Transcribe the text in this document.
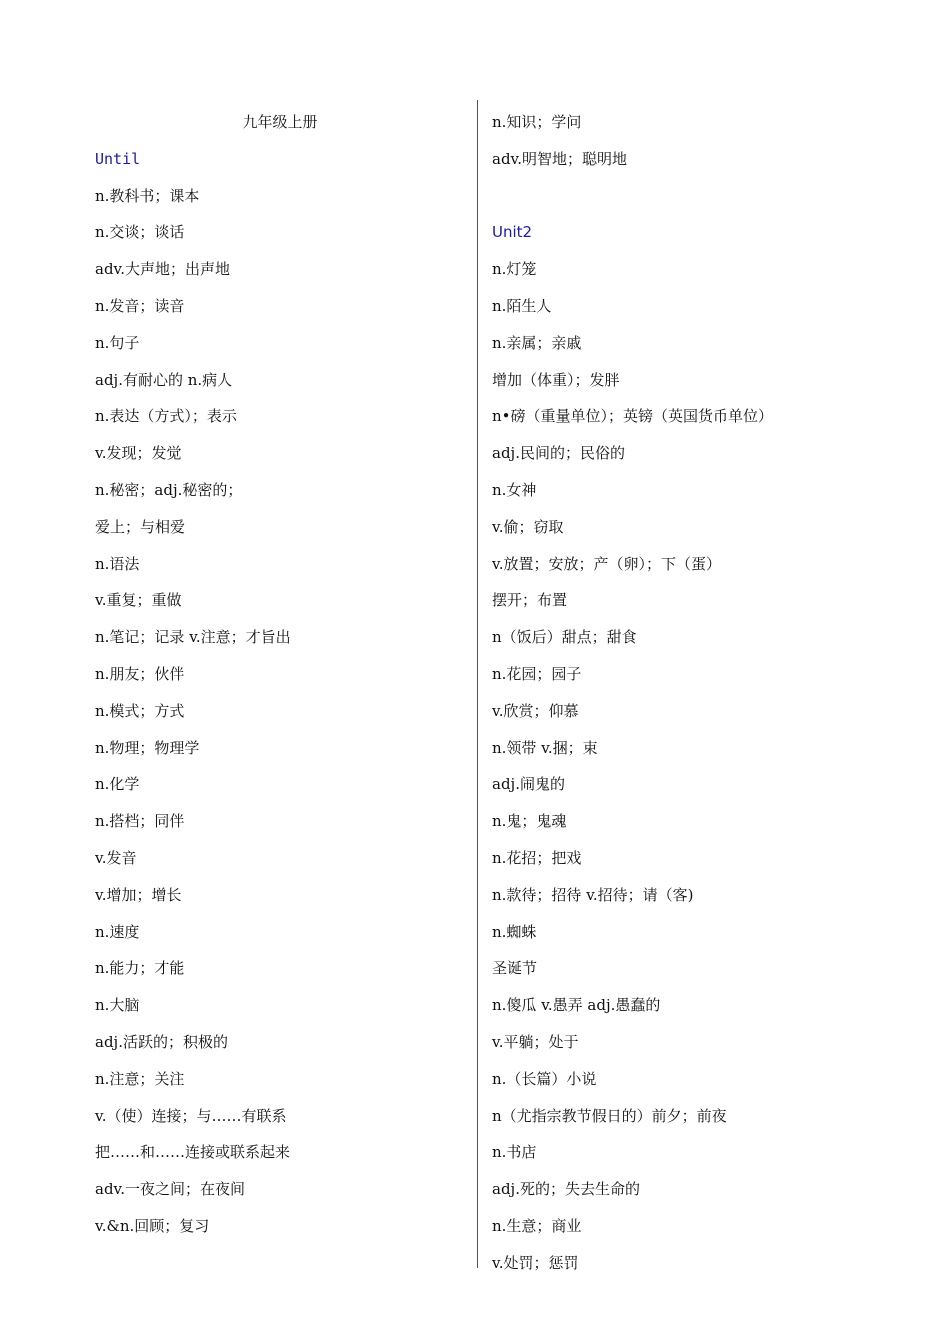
九年级上册
Until
n.教科书；课本
n.交谈；谈话
adv.大声地；出声地
n.发音；读音
n.句子
adj.有耐心的 n.病人
n.表达（方式）；表示
v.发现；发觉
n.秘密；adj.秘密的；
爱上；与相爱
n.语法
v.重复；重做
n.笔记；记录 v.注意；才旨出
n.朋友；伙伴
n.模式；方式
n.物理；物理学
n.化学
n.搭档；同伴
v.发音
v.增加；增长
n.速度
n.能力；才能
n.大脑
adj.活跃的；积极的
n.注意；关注
v.（使）连接；与……有联系
把……和……连接或联系起来
adv.一夜之间；在夜间
v.&n.回顾；复习
n.知识；学问
adv.明智地；聪明地
Unit2
n.灯笼
n.陌生人
n.亲属；亲戚
增加（体重）；发胖
n•磅（重量单位）；英镑（英国货币单位）
adj.民间的；民俗的
n.女神
v.偷；窃取
v.放置；安放；产（卵）；下（蛋）
摆开；布置
n（饭后）甜点；甜食
n.花园；园子
v.欣赏；仰慕
n.领带 v.捆；束
adj.闹鬼的
n.鬼；鬼魂
n.花招；把戏
n.款待；招待 v.招待；请（客)
n.蜘蛛
圣诞节
n.傻瓜 v.愚弄 adj.愚蠢的
v.平躺；处于
n.（长篇）小说
n（尤指宗教节假日的）前夕；前夜
n.书店
adj.死的；失去生命的
n.生意；商业
v.处罚；惩罚
